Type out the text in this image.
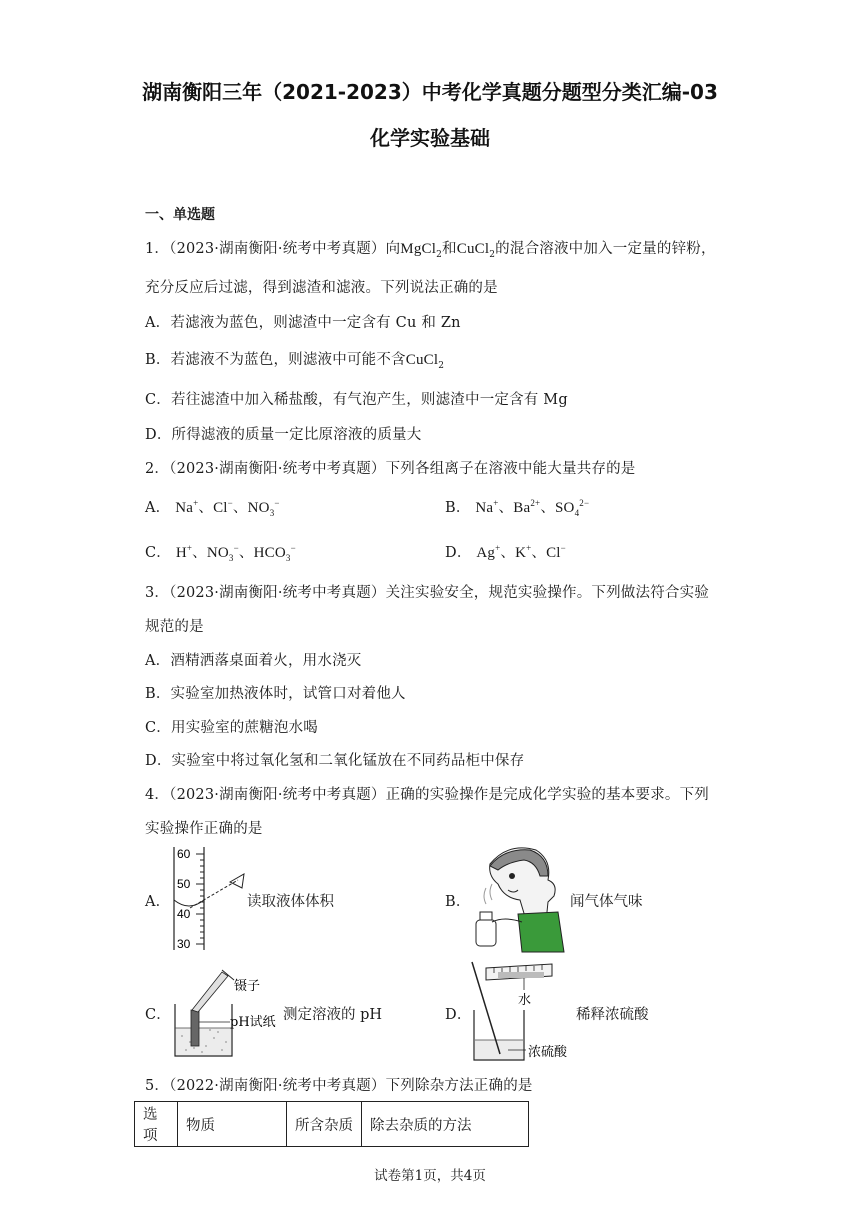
湖南衡阳三年（2021-2023）中考化学真题分题型分类汇编-03
化学实验基础
一、单选题
1．（2023·湖南衡阳·统考中考真题）向MgCl$_2$和CuCl$_2$的混合溶液中加入一定量的锌粉，
充分反应后过滤，得到滤渣和滤液。下列说法正确的是
A．若滤液为蓝色，则滤渣中一定含有 Cu 和 Zn
B．若滤液不为蓝色，则滤液中可能不含CuCl$_2$
C．若往滤渣中加入稀盐酸，有气泡产生，则滤渣中一定含有 Mg
D．所得滤液的质量一定比原溶液的质量大
2．（2023·湖南衡阳·统考中考真题）下列各组离子在溶液中能大量共存的是
A． Na+、Cl−、$NO_3^-$	B． Na+、$Ba^{2+}$、$SO_4^{2-}$
C． H+、$NO_3^-$、$HCO_3^-$	D． Ag+、K+、Cl−
3．（2023·湖南衡阳·统考中考真题）关注实验安全，规范实验操作。下列做法符合实验
规范的是
A．酒精洒落桌面着火，用水浇灭
B．实验室加热液体时，试管口对着他人
C．用实验室的蔗糖泡水喝
D．实验室中将过氧化氢和二氧化锰放在不同药品柜中保存
4．（2023·湖南衡阳·统考中考真题）正确的实验操作是完成化学实验的基本要求。下列
实验操作正确的是
A．
60
50
40
30
读取液体体积	B．	闻气体气味
C．
镊子
pH试纸 测定溶液的 pH	D．
水
浓硫酸
稀释浓硫酸
5．（2022·湖南衡阳·统考中考真题）下列除杂方法正确的是
选项	物质	所含杂质	除去杂质的方法
试卷第1页，共4页
